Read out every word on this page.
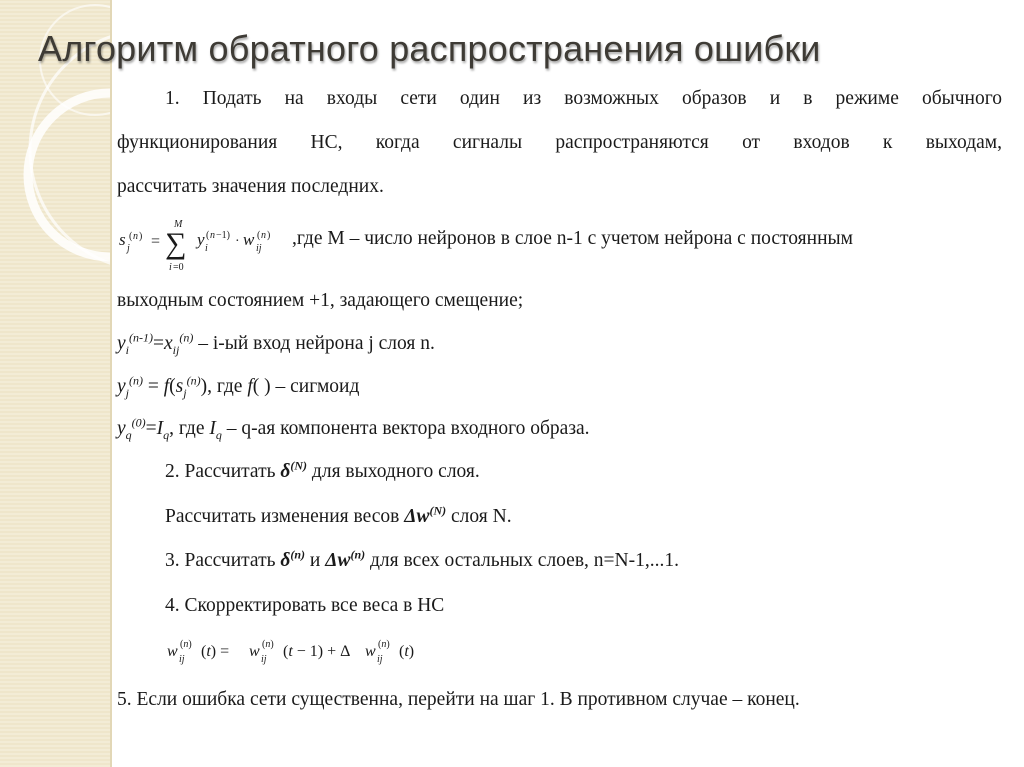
Алгоритм обратного распространения ошибки
1. Подать на входы сети один из возможных образов и в режиме обычного
функционирования НС, когда сигналы распространяются от входов к выходам,
рассчитать значения последних.
s j
( n ) = ∑
M
i =0
y i
( n −1) · w ij
( n ) ,где М – число нейронов в слое n-1 с учетом нейрона с постоянным
выходным состоянием +1, задающего смещение;
$y_i^{(n-1)}=x_{ij}^{(n)} - i-ый$ вход нейрона j слоя n.
$y_j^{(n)} = f(s_j^{(n)})$, где f( ) – сигмоид
$y_q^{(0)}=I_q$, где $I_q - q-ая$ компонента вектора входного образа.
2. Рассчитать $\delta^{(N)}$ для выходного слоя.
Рассчитать изменения весов $\Delta w^{(N)}$ слоя N.
3. Рассчитать $\delta^{(n)}$ и $\Delta w^{(n)}$ для всех остальных слоев, n=N-1,...1.
4. Скорректировать все веса в НС
w ij
(n) (t) = w ij
(n) (t − 1) + Δ w ij
(n) (t)
5. Если ошибка сети существенна, перейти на шаг 1. В противном случае – конец.
